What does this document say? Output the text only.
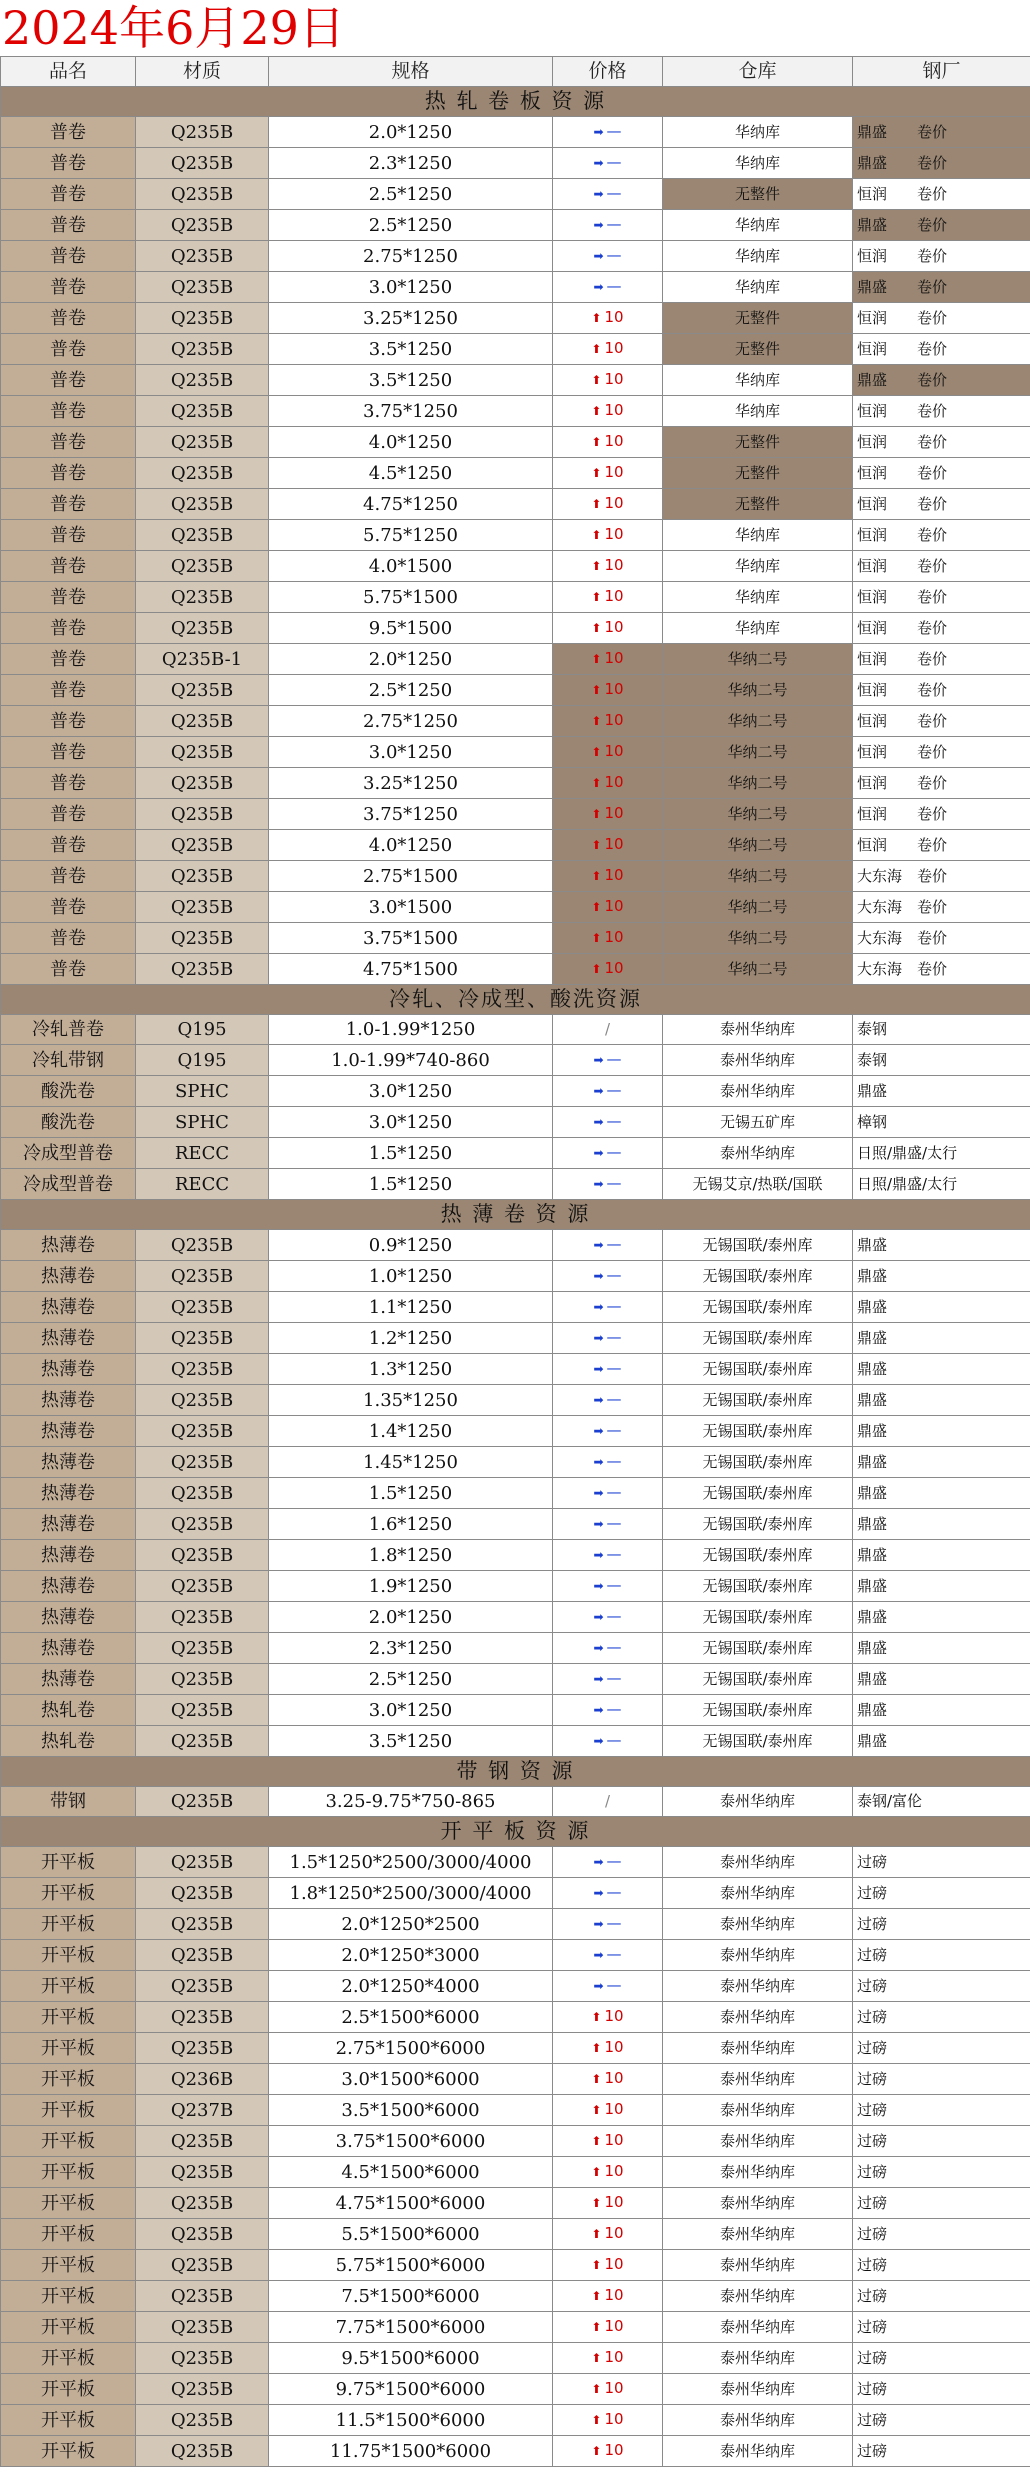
2024年6月29日
品名	材质	规格	价格	仓库	钢厂
热 轧 卷 板 资 源					
普卷	Q235B	2.0*1250	➡ —	华纳库	鼎盛　　卷价
普卷	Q235B	2.3*1250	➡ —	华纳库	鼎盛　　卷价
普卷	Q235B	2.5*1250	➡ —	无整件	恒润　　卷价
普卷	Q235B	2.5*1250	➡ —	华纳库	鼎盛　　卷价
普卷	Q235B	2.75*1250	➡ —	华纳库	恒润　　卷价
普卷	Q235B	3.0*1250	➡ —	华纳库	鼎盛　　卷价
普卷	Q235B	3.25*1250	⬆ 10	无整件	恒润　　卷价
普卷	Q235B	3.5*1250	⬆ 10	无整件	恒润　　卷价
普卷	Q235B	3.5*1250	⬆ 10	华纳库	鼎盛　　卷价
普卷	Q235B	3.75*1250	⬆ 10	华纳库	恒润　　卷价
普卷	Q235B	4.0*1250	⬆ 10	无整件	恒润　　卷价
普卷	Q235B	4.5*1250	⬆ 10	无整件	恒润　　卷价
普卷	Q235B	4.75*1250	⬆ 10	无整件	恒润　　卷价
普卷	Q235B	5.75*1250	⬆ 10	华纳库	恒润　　卷价
普卷	Q235B	4.0*1500	⬆ 10	华纳库	恒润　　卷价
普卷	Q235B	5.75*1500	⬆ 10	华纳库	恒润　　卷价
普卷	Q235B	9.5*1500	⬆ 10	华纳库	恒润　　卷价
普卷	Q235B-1	2.0*1250	⬆ 10	华纳二号	恒润　　卷价
普卷	Q235B	2.5*1250	⬆ 10	华纳二号	恒润　　卷价
普卷	Q235B	2.75*1250	⬆ 10	华纳二号	恒润　　卷价
普卷	Q235B	3.0*1250	⬆ 10	华纳二号	恒润　　卷价
普卷	Q235B	3.25*1250	⬆ 10	华纳二号	恒润　　卷价
普卷	Q235B	3.75*1250	⬆ 10	华纳二号	恒润　　卷价
普卷	Q235B	4.0*1250	⬆ 10	华纳二号	恒润　　卷价
普卷	Q235B	2.75*1500	⬆ 10	华纳二号	大东海　卷价
普卷	Q235B	3.0*1500	⬆ 10	华纳二号	大东海　卷价
普卷	Q235B	3.75*1500	⬆ 10	华纳二号	大东海　卷价
普卷	Q235B	4.75*1500	⬆ 10	华纳二号	大东海　卷价
冷轧、冷成型、酸洗资源					
冷轧普卷	Q195	1.0-1.99*1250	/	泰州华纳库	泰钢
冷轧带钢	Q195	1.0-1.99*740-860	➡ —	泰州华纳库	泰钢
酸洗卷	SPHC	3.0*1250	➡ —	泰州华纳库	鼎盛
酸洗卷	SPHC	3.0*1250	➡ —	无锡五矿库	樟钢
冷成型普卷	RECC	1.5*1250	➡ —	泰州华纳库	日照/鼎盛/太行
冷成型普卷	RECC	1.5*1250	➡ —	无锡艾京/热联/国联	日照/鼎盛/太行
热 薄 卷 资 源					
热薄卷	Q235B	0.9*1250	➡ —	无锡国联/泰州库	鼎盛
热薄卷	Q235B	1.0*1250	➡ —	无锡国联/泰州库	鼎盛
热薄卷	Q235B	1.1*1250	➡ —	无锡国联/泰州库	鼎盛
热薄卷	Q235B	1.2*1250	➡ —	无锡国联/泰州库	鼎盛
热薄卷	Q235B	1.3*1250	➡ —	无锡国联/泰州库	鼎盛
热薄卷	Q235B	1.35*1250	➡ —	无锡国联/泰州库	鼎盛
热薄卷	Q235B	1.4*1250	➡ —	无锡国联/泰州库	鼎盛
热薄卷	Q235B	1.45*1250	➡ —	无锡国联/泰州库	鼎盛
热薄卷	Q235B	1.5*1250	➡ —	无锡国联/泰州库	鼎盛
热薄卷	Q235B	1.6*1250	➡ —	无锡国联/泰州库	鼎盛
热薄卷	Q235B	1.8*1250	➡ —	无锡国联/泰州库	鼎盛
热薄卷	Q235B	1.9*1250	➡ —	无锡国联/泰州库	鼎盛
热薄卷	Q235B	2.0*1250	➡ —	无锡国联/泰州库	鼎盛
热薄卷	Q235B	2.3*1250	➡ —	无锡国联/泰州库	鼎盛
热薄卷	Q235B	2.5*1250	➡ —	无锡国联/泰州库	鼎盛
热轧卷	Q235B	3.0*1250	➡ —	无锡国联/泰州库	鼎盛
热轧卷	Q235B	3.5*1250	➡ —	无锡国联/泰州库	鼎盛
带 钢 资 源					
带钢	Q235B	3.25-9.75*750-865	/	泰州华纳库	泰钢/富伦
开 平 板 资 源					
开平板	Q235B	1.5*1250*2500/3000/4000	➡ —	泰州华纳库	过磅
开平板	Q235B	1.8*1250*2500/3000/4000	➡ —	泰州华纳库	过磅
开平板	Q235B	2.0*1250*2500	➡ —	泰州华纳库	过磅
开平板	Q235B	2.0*1250*3000	➡ —	泰州华纳库	过磅
开平板	Q235B	2.0*1250*4000	➡ —	泰州华纳库	过磅
开平板	Q235B	2.5*1500*6000	⬆ 10	泰州华纳库	过磅
开平板	Q235B	2.75*1500*6000	⬆ 10	泰州华纳库	过磅
开平板	Q236B	3.0*1500*6000	⬆ 10	泰州华纳库	过磅
开平板	Q237B	3.5*1500*6000	⬆ 10	泰州华纳库	过磅
开平板	Q235B	3.75*1500*6000	⬆ 10	泰州华纳库	过磅
开平板	Q235B	4.5*1500*6000	⬆ 10	泰州华纳库	过磅
开平板	Q235B	4.75*1500*6000	⬆ 10	泰州华纳库	过磅
开平板	Q235B	5.5*1500*6000	⬆ 10	泰州华纳库	过磅
开平板	Q235B	5.75*1500*6000	⬆ 10	泰州华纳库	过磅
开平板	Q235B	7.5*1500*6000	⬆ 10	泰州华纳库	过磅
开平板	Q235B	7.75*1500*6000	⬆ 10	泰州华纳库	过磅
开平板	Q235B	9.5*1500*6000	⬆ 10	泰州华纳库	过磅
开平板	Q235B	9.75*1500*6000	⬆ 10	泰州华纳库	过磅
开平板	Q235B	11.5*1500*6000	⬆ 10	泰州华纳库	过磅
开平板	Q235B	11.75*1500*6000	⬆ 10	泰州华纳库	过磅
